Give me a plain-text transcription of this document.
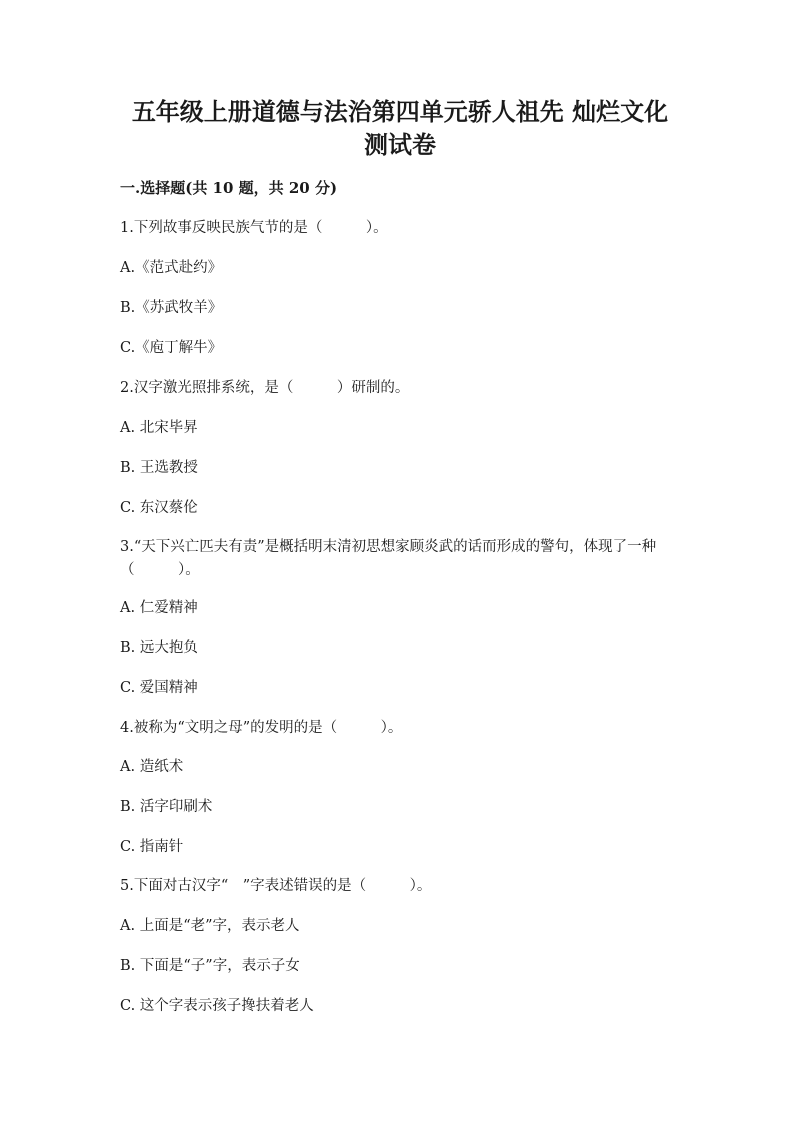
五年级上册道德与法治第四单元骄人祖先 灿烂文化
测试卷
一.选择题(共 10 题，共 20 分)

1.下列故事反映民族气节的是（　　　）。

A.《范式赴约》

B.《苏武牧羊》

C.《庖丁解牛》

2.汉字激光照排系统，是（　　　）研制的。

A. 北宋毕昇

B. 王选教授

C. 东汉蔡伦

3.“天下兴亡匹夫有责”是概括明末清初思想家顾炎武的话而形成的警句，体现了一种（　　　）。

A. 仁爱精神

B. 远大抱负

C. 爱国精神

4.被称为“文明之母”的发明的是（　　　）。

A. 造纸术

B. 活字印刷术

C. 指南针

5.下面对古汉字“　”字表述错误的是（　　　）。

A. 上面是“老”字，表示老人

B. 下面是“子”字，表示子女

C. 这个字表示孩子搀扶着老人
